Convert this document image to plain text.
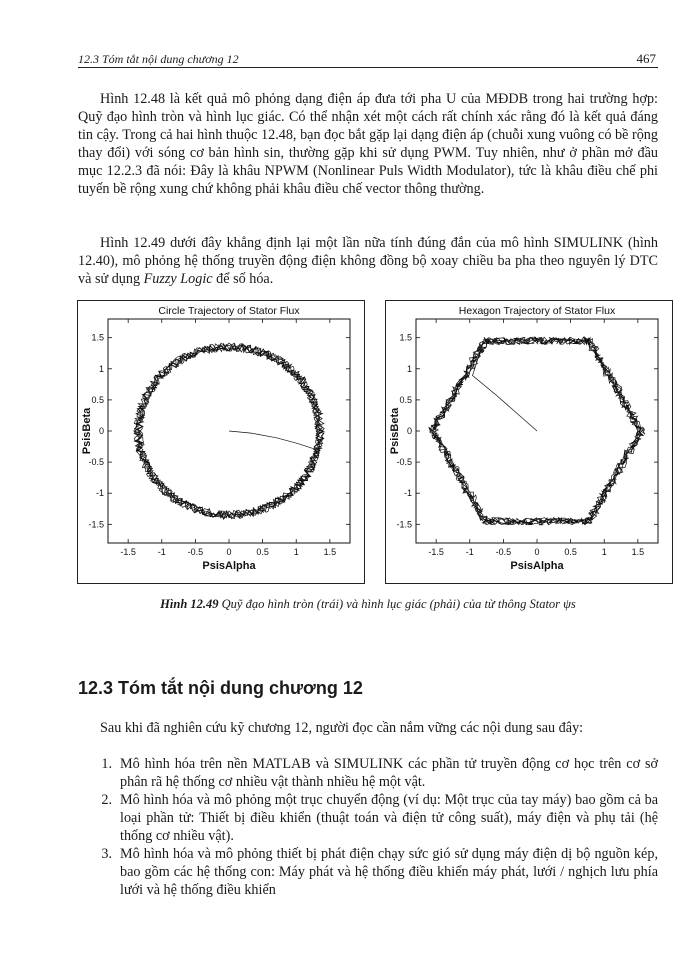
12.3 Tóm tắt nội dung chương 12	467

Hình 12.48 là kết quả mô phỏng dạng điện áp đưa tới pha U của MĐDB trong hai trường hợp: Quỹ đạo hình tròn và hình lục giác. Có thể nhận xét một cách rất chính xác rằng đó là kết quả đáng tin cậy. Trong cả hai hình thuộc 12.48, bạn đọc bắt gặp lại dạng điện áp (chuỗi xung vuông có bề rộng thay đổi) với sóng cơ bản hình sin, thường gặp khi sử dụng PWM. Tuy nhiên, như ở phần mở đầu mục 12.2.3 đã nói: Đây là khâu NPWM (Nonlinear Puls Width Modulator), tức là khâu điều chế phi tuyến bề rộng xung chứ không phải khâu điều chế vector thông thường.

Hình 12.49 dưới đây khẳng định lại một lần nữa tính đúng đắn của mô hình SIMULINK (hình 12.40), mô phỏng hệ thống truyền động điện không đồng bộ xoay chiều ba pha theo nguyên lý DTC và sử dụng Fuzzy Logic để số hóa.

Circle Trajectory of Stator Flux
-1.5 -1 -0.5	0	0.5	1	1.5
1.5
1
0.5
0
-0.5
-1
-1.5
PsisAlpha
PsisBeta
Hexagon Trajectory of Stator Flux
-1.5 -1 -0.5	0	0.5	1	1.5
1.5
1
0.5
0
-0.5
-1
-1.5
PsisAlpha
PsisBeta
Hình 12.49 Quỹ đạo hình tròn (trái) và hình lục giác (phải) của từ thông Stator ψs
12.3 Tóm tắt nội dung chương 12

Sau khi đã nghiên cứu kỹ chương 12, người đọc cần nắm vững các nội dung sau đây:

1. Mô hình hóa trên nền MATLAB và SIMULINK các phần tử truyền động cơ học trên cơ sở phân rã hệ thống cơ nhiều vật thành nhiều hệ một vật.
2. Mô hình hóa và mô phỏng một trục chuyển động (ví dụ: Một trục của tay máy) bao gồm cả ba loại phần tử: Thiết bị điều khiển (thuật toán và điện tử công suất), máy điện và phụ tải (hệ thống cơ nhiều vật).
3. Mô hình hóa và mô phỏng thiết bị phát điện chạy sức gió sử dụng máy điện dị bộ nguồn kép, bao gồm các hệ thống con: Máy phát và hệ thống điều khiển máy phát, lưới / nghịch lưu phía lưới và hệ thống điều khiển
